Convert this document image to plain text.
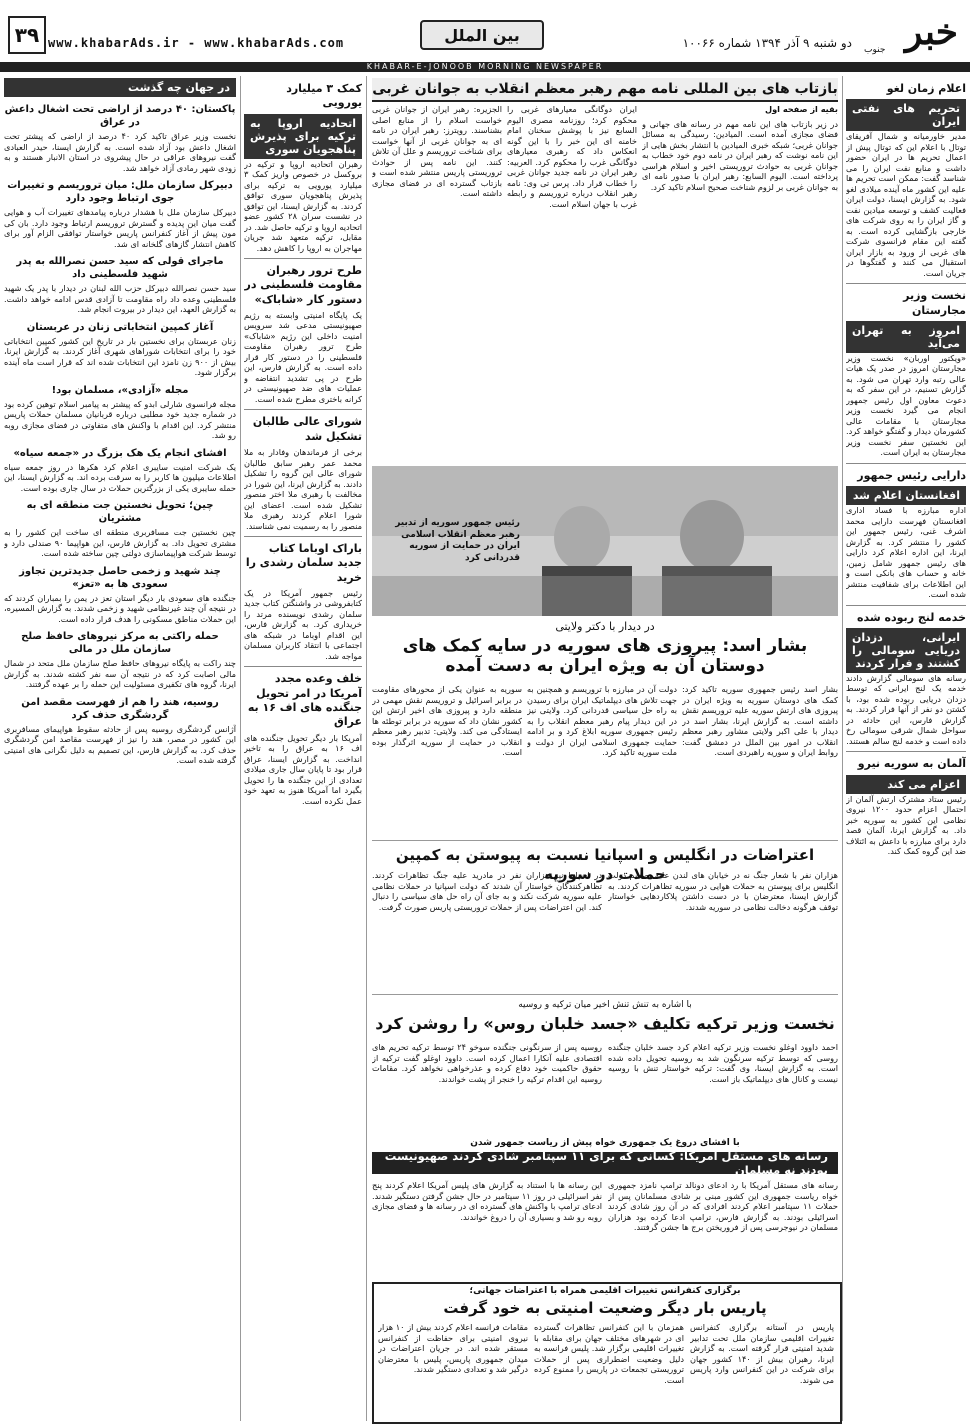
۳۹ www.khabarAds.ir - www.khabarAds.com	بین الملل	دو شنبه ۹ آذر ۱۳۹۴ شماره ۱۰۰۶۶ خبر
جنوب
KHABAR-E-JONOOB MORNING NEWSPAPER
اعلام زمان لغو
تحریم های نفتی ایران

مدیر خاورمیانه و شمال آفریقای توتال با اعلام این که توتال پیش از اعمال تحریم ها در ایران حضور داشت و منابع نفت ایران را می شناسد گفت: ممکن است تحریم ها علیه این کشور ماه آینده میلادی لغو شود. به گزارش ایسنا، دولت ایران فعالیت کشف و توسعه میادین نفت و گاز ایران را به روی شرکت های خارجی بازگشایی کرده است. به گفته این مقام فرانسوی شرکت های غربی از ورود به بازار ایران استقبال می کنند و گفتگوها در جریان است.

نخست وزیر مجارستان
امروز به تهران می‌آید

«ویکتور اوربان» نخست وزیر مجارستان امروز در صدر یک هیات عالی رتبه وارد تهران می شود. به گزارش تسنیم، در این سفر که به دعوت معاون اول رئیس جمهور انجام می گیرد نخست وزیر مجارستان با مقامات عالی کشورمان دیدار و گفتگو خواهد کرد. این نخستین سفر نخست وزیر مجارستان به ایران است.

دارایی رئیس جمهور
افغانستان اعلام شد

اداره مبارزه با فساد اداری افغانستان فهرست دارایی محمد اشرف غنی، رئیس جمهور این کشور را منتشر کرد. به گزارش ایرنا، این اداره اعلام کرد دارایی های رئیس جمهور شامل زمین، خانه و حساب های بانکی است و این اطلاعات برای شفافیت منتشر شده است.

خدمه لنج ربوده شده
ایرانی، دزدان دریایی سومالی را کشتند و فرار کردند

رسانه های سومالی گزارش دادند خدمه یک لنج ایرانی که توسط دزدان دریایی ربوده شده بود، با کشتن دو نفر از آنها فرار کردند. به گزارش فارس، این حادثه در سواحل شمال شرقی سومالی رخ داده است و خدمه لنج سالم هستند.

آلمان به سوریه نیرو
اعزام می کند

رئیس ستاد مشترک ارتش آلمان از احتمال اعزام حدود ۱۲۰۰ نیروی نظامی این کشور به سوریه خبر داد. به گزارش ایرنا، آلمان قصد دارد برای مبارزه با داعش به ائتلاف ضد این گروه کمک کند.

بازتاب های بین المللی نامه مهم رهبر معظم انقلاب به جوانان غربی

بقیه از صفحه اول

در زیر بازتاب های این نامه مهم در رسانه های جهانی و فضای مجازی آمده است. المیادین: رسیدگی به مسائل جوانان غربی؛ شبکه خبری المیادین با انتشار بخش هایی از این نامه نوشت که رهبر ایران در نامه دوم خود خطاب به جوانان غربی به حوادث تروریستی اخیر و اسلام هراسی پرداخته است. الیوم السابع: رهبر ایران با صدور نامه ای به جوانان غربی بر لزوم شناخت صحیح اسلام تاکید کرد.

ایران دوگانگی معیارهای غربی را محکوم کرد؛ روزنامه مصری الیوم السابع نیز با پوشش سخنان امام خامنه ای این خبر را با این گونه انعکاس داد که رهبری معیارهای دوگانگی غرب را محکوم کرد. العربیه: رهبر ایران در نامه جدید جوانان غربی را خطاب قرار داد. پرس تی وی: نامه رهبر انقلاب درباره تروریسم و رابطه غرب با جهان اسلام است.

الجزیره: رهبر ایران از جوانان غربی خواست اسلام را از منابع اصلی بشناسند. رویترز: رهبر ایران در نامه ای به جوانان غربی از آنها خواست برای شناخت تروریسم و علل آن تلاش کنند. این نامه پس از حوادث تروریستی پاریس منتشر شده است و بازتاب گسترده ای در فضای مجازی داشته است.

رئیس جمهور سوریه از تدبیر رهبر معظم انقلاب اسلامی ایران در حمایت از سوریه قدردانی کرد
در دیدار با دکتر ولایتی
بشار اسد: پیروزی های سوریه در سایه کمک های دوستان آن به ویژه ایران به دست آمده

بشار اسد رئیس جمهوری سوریه تاکید کرد: کمک های دوستان سوریه به ویژه ایران در پیروزی های ارتش سوریه علیه تروریسم نقش داشته است. به گزارش ایرنا، بشار اسد در دیدار با علی اکبر ولایتی مشاور رهبر معظم انقلاب در امور بین الملل در دمشق گفت: روابط ایران و سوریه راهبردی است.

دولت آن در مبارزه با تروریسم و همچنین به جهت تلاش های دیپلماتیک ایران برای رسیدن به راه حل سیاسی قدردانی کرد. ولایتی نیز در این دیدار پیام رهبر معظم انقلاب را به رئیس جمهوری سوریه ابلاغ کرد و بر ادامه حمایت جمهوری اسلامی ایران از دولت و ملت سوریه تاکید کرد.

سوریه به عنوان یکی از محورهای مقاومت در برابر اسرائیل و تروریسم نقش مهمی در منطقه دارد و پیروزی های اخیر ارتش این کشور نشان داد که سوریه در برابر توطئه ها ایستادگی می کند. ولایتی: تدبیر رهبر معظم انقلاب در حمایت از سوریه اثرگذار بوده است.

اعتراضات در انگلیس و اسپانیا نسبت به پیوستن به کمپین حملات در سوریه

هزاران نفر با شعار جنگ نه در خیابان های لندن علیه تصمیم دولت انگلیس برای پیوستن به حملات هوایی در سوریه تظاهرات کردند. به گزارش ایسنا، معترضان با در دست داشتن پلاکاردهایی خواستار توقف هرگونه دخالت نظامی در سوریه شدند.

در اسپانیا نیز هزاران نفر در مادرید علیه جنگ تظاهرات کردند. تظاهرکنندگان خواستار آن شدند که دولت اسپانیا در حملات نظامی علیه سوریه شرکت نکند و به جای آن راه حل های سیاسی را دنبال کند. این اعتراضات پس از حملات تروریستی پاریس صورت گرفت.

با اشاره به تنش تنش اخیر میان ترکیه و روسیه
نخست وزیر ترکیه تکلیف «جسد خلبان روس» را روشن کرد

احمد داوود اوغلو نخست وزیر ترکیه اعلام کرد جسد خلبان جنگنده روسی که توسط ترکیه سرنگون شد به روسیه تحویل داده شده است. به گزارش ایسنا، وی گفت: ترکیه خواستار تنش با روسیه نیست و کانال های دیپلماتیک باز است.

روسیه پس از سرنگونی جنگنده سوخو ۲۴ توسط ترکیه تحریم های اقتصادی علیه آنکارا اعمال کرده است. داوود اوغلو گفت ترکیه از حقوق حاکمیت خود دفاع کرده و عذرخواهی نخواهد کرد. مقامات روسیه این اقدام ترکیه را خنجر از پشت خواندند.

با افشای دروغ یک جمهوری خواه پیش از ریاست جمهور شدن
رسانه های مستقل آمریکا: کسانی که برای ۱۱ سپتامبر شادی کردند صهیونیست بودند نه مسلمان

رسانه های مستقل آمریکا با رد ادعای دونالد ترامپ نامزد جمهوری خواه ریاست جمهوری این کشور مبنی بر شادی مسلمانان پس از حملات ۱۱ سپتامبر اعلام کردند افرادی که در آن روز شادی کردند اسرائیلی بودند. به گزارش فارس، ترامپ ادعا کرده بود هزاران مسلمان در نیوجرسی پس از فروریختن برج ها جشن گرفتند.

این رسانه ها با استناد به گزارش های پلیس آمریکا اعلام کردند پنج نفر اسرائیلی در روز ۱۱ سپتامبر در حال جشن گرفتن دستگیر شدند. ادعای ترامپ با واکنش های گسترده ای در رسانه ها و فضای مجازی روبه رو شد و بسیاری آن را دروغ خواندند.

برگزاری کنفرانس تغییرات اقلیمی همراه با اعتراضات جهانی؛
پاریس بار دیگر وضعیت امنیتی به خود گرفت

پاریس در آستانه برگزاری کنفرانس تغییرات اقلیمی سازمان ملل تحت تدابیر شدید امنیتی قرار گرفته است. به گزارش ایرنا، رهبران بیش از ۱۴۰ کشور جهان برای شرکت در این کنفرانس وارد پاریس می شوند.

همزمان با این کنفرانس تظاهرات گسترده ای در شهرهای مختلف جهان برای مقابله با تغییرات اقلیمی برگزار شد. پلیس فرانسه به دلیل وضعیت اضطراری پس از حملات تروریستی تجمعات در پاریس را ممنوع کرده است.

مقامات فرانسه اعلام کردند بیش از ۱۰ هزار نیروی امنیتی برای حفاظت از کنفرانس مستقر شده اند. در جریان اعتراضات در میدان جمهوری پاریس، پلیس با معترضان درگیر شد و تعدادی دستگیر شدند.

کمک ۳ میلیارد یورویی
اتحادیه اروپا به ترکیه برای پذیرش پناهجویان سوری

رهبران اتحادیه اروپا و ترکیه در بروکسل در خصوص واریز کمک ۳ میلیارد یورویی به ترکیه برای پذیرش پناهجویان سوری توافق کردند. به گزارش ایسنا، این توافق در نشست سران ۲۸ کشور عضو اتحادیه اروپا و ترکیه حاصل شد. در مقابل، ترکیه متعهد شد جریان مهاجران به اروپا را کاهش دهد.

طرح ترور رهبران مقاومت فلسطینی در دستور کار «شاباک»

یک پایگاه امنیتی وابسته به رژیم صهیونیستی مدعی شد سرویس امنیت داخلی این رژیم «شاباک» طرح ترور رهبران مقاومت فلسطینی را در دستور کار قرار داده است. به گزارش فارس، این طرح در پی تشدید انتفاضه و عملیات های ضد صهیونیستی در کرانه باختری مطرح شده است.

شورای عالی طالبان تشکیل شد

برخی از فرماندهان وفادار به ملا محمد عمر رهبر سابق طالبان شورای عالی این گروه را تشکیل دادند. به گزارش ایرنا، این شورا در مخالفت با رهبری ملا اختر منصور تشکیل شده است. اعضای این شورا اعلام کردند رهبری ملا منصور را به رسمیت نمی شناسند.

باراک اوباما کتاب جدید سلمان رشدی را خرید

رئیس جمهور آمریکا در یک کتابفروشی در واشنگتن کتاب جدید سلمان رشدی نویسنده مرتد را خریداری کرد. به گزارش فارس، این اقدام اوباما در شبکه های اجتماعی با انتقاد کاربران مسلمان مواجه شد.

خلف وعده مجدد آمریکا در امر تحویل جنگنده های اف ۱۶ به عراق

آمریکا بار دیگر تحویل جنگنده های اف ۱۶ به عراق را به تاخیر انداخت. به گزارش ایسنا، عراق قرار بود تا پایان سال جاری میلادی تعدادی از این جنگنده ها را تحویل بگیرد اما آمریکا هنوز به تعهد خود عمل نکرده است.

در جهان چه گذشت
پاکستان: ۴۰ درصد از اراضی تحت اشغال داعش در عراق

نخست وزیر عراق تاکید کرد ۴۰ درصد از اراضی که پیشتر تحت اشغال داعش بود آزاد شده است. به گزارش ایسنا، حیدر العبادی گفت نیروهای عراقی در حال پیشروی در استان الانبار هستند و به زودی شهر رمادی آزاد خواهد شد.

دبیرکل سازمان ملل: میان تروریسم و تغییرات جوی ارتباط وجود دارد

دبیرکل سازمان ملل با هشدار درباره پیامدهای تغییرات آب و هوایی گفت میان این پدیده و گسترش تروریسم ارتباط وجود دارد. بان کی مون پیش از آغاز کنفرانس پاریس خواستار توافقی الزام آور برای کاهش انتشار گازهای گلخانه ای شد.

ماجرای قولی که سید حسن نصرالله به پدر شهید فلسطینی داد

سید حسن نصرالله دبیرکل حزب الله لبنان در دیدار با پدر یک شهید فلسطینی وعده داد راه مقاومت تا آزادی قدس ادامه خواهد داشت. به گزارش العهد، این دیدار در بیروت انجام شد.

آغاز کمپین انتخاباتی زنان در عربستان

زنان عربستان برای نخستین بار در تاریخ این کشور کمپین انتخاباتی خود را برای انتخابات شوراهای شهری آغاز کردند. به گزارش ایرنا، بیش از ۹۰۰ زن نامزد این انتخابات شده اند که قرار است ماه آینده برگزار شود.

مجله «آزادی»، مسلمان بود!

مجله فرانسوی شارلی ابدو که پیشتر به پیامبر اسلام توهین کرده بود در شماره جدید خود مطلبی درباره قربانیان مسلمان حملات پاریس منتشر کرد. این اقدام با واکنش های متفاوتی در فضای مجازی روبه رو شد.

افشای انجام یک هک بزرگ در «جمعه سیاه»

یک شرکت امنیت سایبری اعلام کرد هکرها در روز جمعه سیاه اطلاعات میلیون ها کاربر را به سرقت برده اند. به گزارش ایسنا، این حمله سایبری یکی از بزرگترین حملات در سال جاری بوده است.

چین؛ تحویل نخستین جت منطقه ای به مشتریان

چین نخستین جت مسافربری منطقه ای ساخت این کشور را به مشتری تحویل داد. به گزارش فارس، این هواپیما ۹۰ صندلی دارد و توسط شرکت هواپیماسازی دولتی چین ساخته شده است.

چند شهید و زخمی حاصل جدیدترین تجاوز سعودی ها به «تعز»

جنگنده های سعودی بار دیگر استان تعز در یمن را بمباران کردند که در نتیجه آن چند غیرنظامی شهید و زخمی شدند. به گزارش المسیره، این حملات مناطق مسکونی را هدف قرار داده است.

حمله راکتی به مرکز نیروهای حافظ صلح سازمان ملل در مالی

چند راکت به پایگاه نیروهای حافظ صلح سازمان ملل متحد در شمال مالی اصابت کرد که در نتیجه آن سه نفر کشته شدند. به گزارش ایرنا، گروه های تکفیری مسئولیت این حمله را بر عهده گرفتند.

روسیه، هند را هم از فهرست مقصد امن گردشگری حذف کرد

آژانس گردشگری روسیه پس از حادثه سقوط هواپیمای مسافربری این کشور در مصر، هند را نیز از فهرست مقاصد امن گردشگری حذف کرد. به گزارش فارس، این تصمیم به دلیل نگرانی های امنیتی گرفته شده است.
